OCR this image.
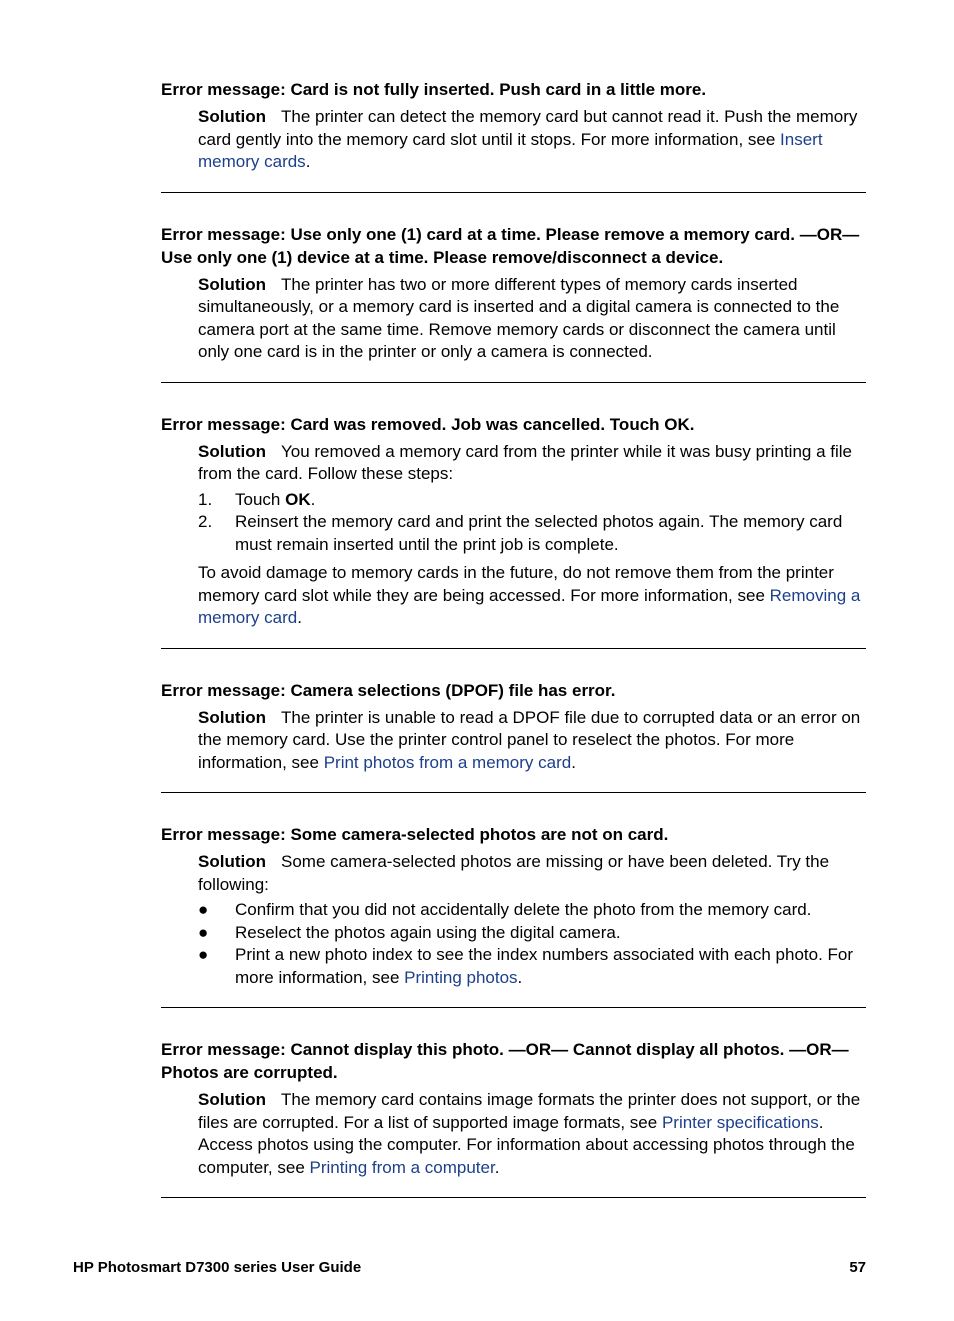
Error message: Card is not fully inserted. Push card in a little more.

Solution The printer can detect the memory card but cannot read it. Push the memory card gently into the memory card slot until it stops. For more information, see Insert memory cards.

Error message: Use only one (1) card at a time. Please remove a memory card. —OR— Use only one (1) device at a time. Please remove/disconnect a device.

Solution The printer has two or more different types of memory cards inserted simultaneously, or a memory card is inserted and a digital camera is connected to the camera port at the same time. Remove memory cards or disconnect the camera until only one card is in the printer or only a camera is connected.

Error message: Card was removed. Job was cancelled. Touch OK.

Solution You removed a memory card from the printer while it was busy printing a file from the card. Follow these steps:

1. Touch OK.
2. Reinsert the memory card and print the selected photos again. The memory card must remain inserted until the print job is complete.

To avoid damage to memory cards in the future, do not remove them from the printer memory card slot while they are being accessed. For more information, see Removing a memory card.

Error message: Camera selections (DPOF) file has error.

Solution The printer is unable to read a DPOF file due to corrupted data or an error on the memory card. Use the printer control panel to reselect the photos. For more information, see Print photos from a memory card.

Error message: Some camera-selected photos are not on card.

Solution Some camera-selected photos are missing or have been deleted. Try the following:

● Confirm that you did not accidentally delete the photo from the memory card.
● Reselect the photos again using the digital camera.
● Print a new photo index to see the index numbers associated with each photo. For more information, see Printing photos.
Error message: Cannot display this photo. —OR— Cannot display all photos. —OR— Photos are corrupted.

Solution The memory card contains image formats the printer does not support, or the files are corrupted. For a list of supported image formats, see Printer specifications. Access photos using the computer. For information about accessing photos through the computer, see Printing from a computer.

HP Photosmart D7300 series User Guide	57
